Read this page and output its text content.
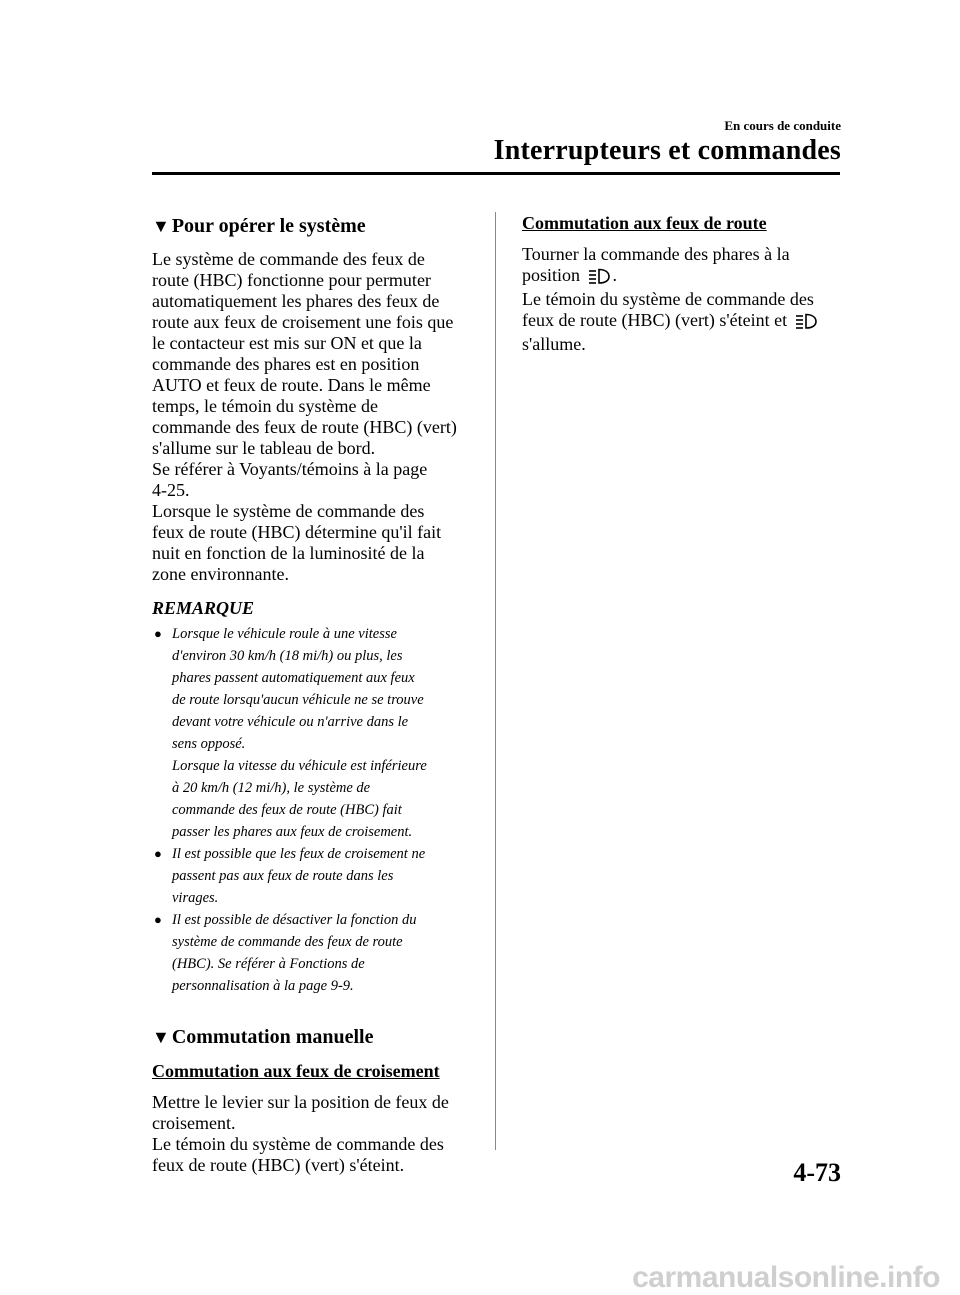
En cours de conduite
Interrupteurs et commandes
▼ Pour opérer le système

Le système de commande des feux de
route (HBC) fonctionne pour permuter
automatiquement les phares des feux de
route aux feux de croisement une fois que
le contacteur est mis sur ON et que la
commande des phares est en position
AUTO et feux de route. Dans le même
temps, le témoin du système de
commande des feux de route (HBC) (vert)
s'allume sur le tableau de bord.
Se référer à Voyants/témoins à la page
4-25.
Lorsque le système de commande des
feux de route (HBC) détermine qu'il fait
nuit en fonction de la luminosité de la
zone environnante.

REMARQUE
● Lorsque le véhicule roule à une vitesse
d'environ 30 km/h (18 mi/h) ou plus, les
phares passent automatiquement aux feux
de route lorsqu'aucun véhicule ne se trouve
devant votre véhicule ou n'arrive dans le
sens opposé.
Lorsque la vitesse du véhicule est inférieure
à 20 km/h (12 mi/h), le système de
commande des feux de route (HBC) fait
passer les phares aux feux de croisement.
● Il est possible que les feux de croisement ne
passent pas aux feux de route dans les
virages.
● Il est possible de désactiver la fonction du
système de commande des feux de route
(HBC). Se référer à Fonctions de
personnalisation à la page 9-9.
▼ Commutation manuelle
Commutation aux feux de croisement

Mettre le levier sur la position de feux de
croisement.
Le témoin du système de commande des
feux de route (HBC) (vert) s'éteint.

Commutation aux feux de route

Tourner la commande des phares à la
position .
Le témoin du système de commande des
feux de route (HBC) (vert) s'éteint et
s'allume.

4-73
carmanualsonline.info
